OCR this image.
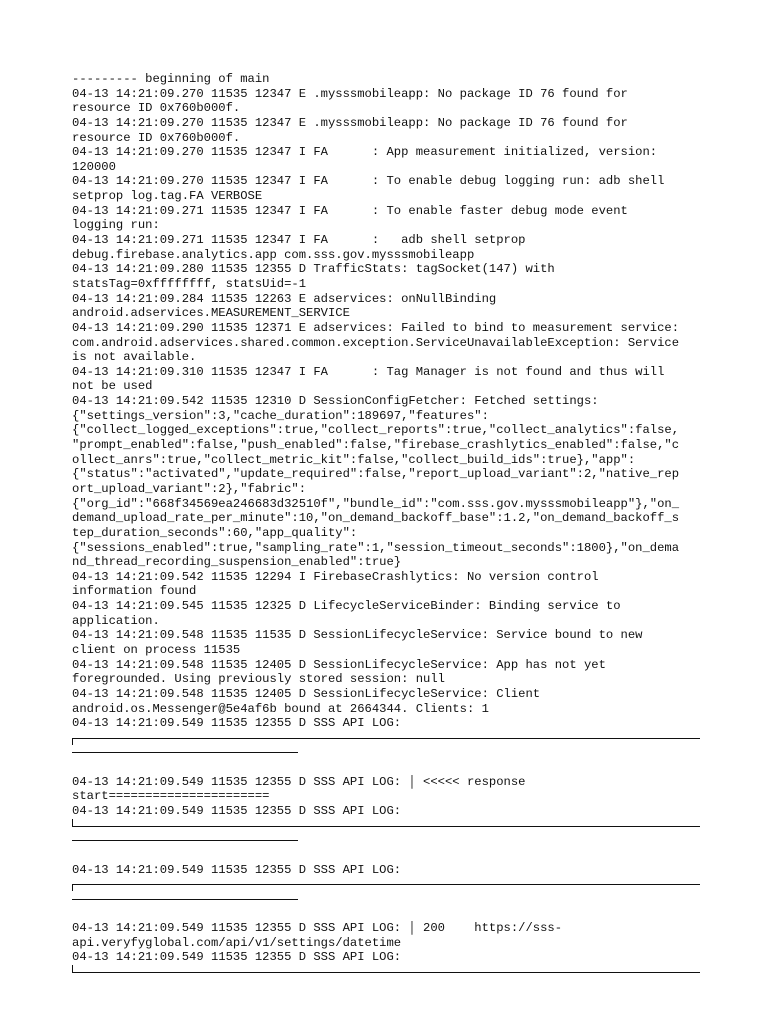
--------- beginning of main
04-13 14:21:09.270 11535 12347 E .mysssmobileapp: No package ID 76 found for
resource ID 0x760b000f.
04-13 14:21:09.270 11535 12347 E .mysssmobileapp: No package ID 76 found for
resource ID 0x760b000f.
04-13 14:21:09.270 11535 12347 I FA      : App measurement initialized, version:
120000
04-13 14:21:09.270 11535 12347 I FA      : To enable debug logging run: adb shell
setprop log.tag.FA VERBOSE
04-13 14:21:09.271 11535 12347 I FA      : To enable faster debug mode event
logging run:
04-13 14:21:09.271 11535 12347 I FA      :   adb shell setprop
debug.firebase.analytics.app com.sss.gov.mysssmobileapp
04-13 14:21:09.280 11535 12355 D TrafficStats: tagSocket(147) with
statsTag=0xffffffff, statsUid=-1
04-13 14:21:09.284 11535 12263 E adservices: onNullBinding
android.adservices.MEASUREMENT_SERVICE
04-13 14:21:09.290 11535 12371 E adservices: Failed to bind to measurement service:
com.android.adservices.shared.common.exception.ServiceUnavailableException: Service
is not available.
04-13 14:21:09.310 11535 12347 I FA      : Tag Manager is not found and thus will
not be used
04-13 14:21:09.542 11535 12310 D SessionConfigFetcher: Fetched settings:
{"settings_version":3,"cache_duration":189697,"features":
{"collect_logged_exceptions":true,"collect_reports":true,"collect_analytics":false,
"prompt_enabled":false,"push_enabled":false,"firebase_crashlytics_enabled":false,"c
ollect_anrs":true,"collect_metric_kit":false,"collect_build_ids":true},"app":
{"status":"activated","update_required":false,"report_upload_variant":2,"native_rep
ort_upload_variant":2},"fabric":
{"org_id":"668f34569ea246683d32510f","bundle_id":"com.sss.gov.mysssmobileapp"},"on_
demand_upload_rate_per_minute":10,"on_demand_backoff_base":1.2,"on_demand_backoff_s
tep_duration_seconds":60,"app_quality":
{"sessions_enabled":true,"sampling_rate":1,"session_timeout_seconds":1800},"on_dema
nd_thread_recording_suspension_enabled":true}
04-13 14:21:09.542 11535 12294 I FirebaseCrashlytics: No version control
information found
04-13 14:21:09.545 11535 12325 D LifecycleServiceBinder: Binding service to
application.
04-13 14:21:09.548 11535 11535 D SessionLifecycleService: Service bound to new
client on process 11535
04-13 14:21:09.548 11535 12405 D SessionLifecycleService: App has not yet
foregrounded. Using previously stored session: null
04-13 14:21:09.548 11535 12405 D SessionLifecycleService: Client
android.os.Messenger@5e4af6b bound at 2664344. Clients: 1
04-13 14:21:09.549 11535 12355 D SSS API LOG:

04-13 14:21:09.549 11535 12355 D SSS API LOG: │ <<<<< response
start======================
04-13 14:21:09.549 11535 12355 D SSS API LOG:

04-13 14:21:09.549 11535 12355 D SSS API LOG:

04-13 14:21:09.549 11535 12355 D SSS API LOG: │ 200    https://sss-
api.veryfyglobal.com/api/v1/settings/datetime
04-13 14:21:09.549 11535 12355 D SSS API LOG:
